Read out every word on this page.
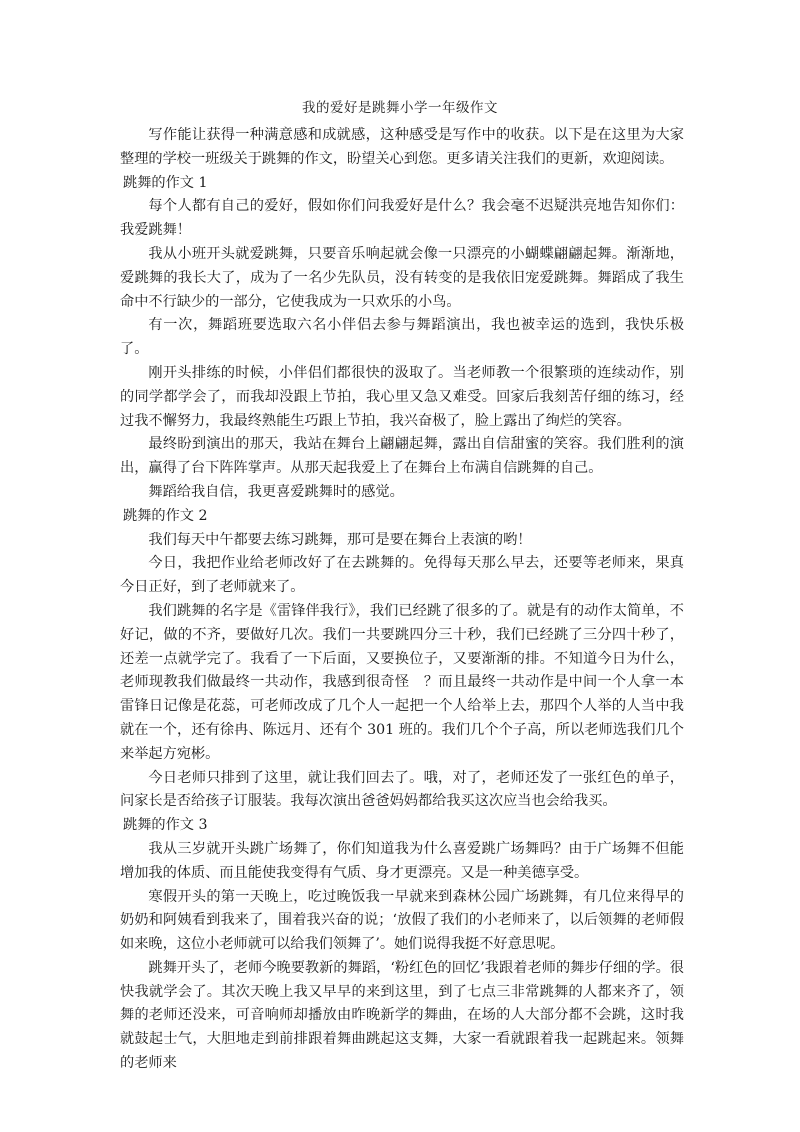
我的爱好是跳舞小学一年级作文

写作能让获得一种满意感和成就感，这种感受是写作中的收获。以下是在这里为大家整理的学校一班级关于跳舞的作文，盼望关心到您。更多请关注我们的更新，欢迎阅读。

跳舞的作文 1

每个人都有自己的爱好，假如你们问我爱好是什么？我会毫不迟疑洪亮地告知你们：我爱跳舞！

我从小班开头就爱跳舞，只要音乐响起就会像一只漂亮的小蝴蝶翩翩起舞。渐渐地，爱跳舞的我长大了，成为了一名少先队员，没有转变的是我依旧宠爱跳舞。舞蹈成了我生命中不行缺少的一部分，它使我成为一只欢乐的小鸟。

有一次，舞蹈班要选取六名小伴侣去参与舞蹈演出，我也被幸运的选到，我快乐极了。

刚开头排练的时候，小伴侣们都很快的汲取了。当老师教一个很繁琐的连续动作，别的同学都学会了，而我却没跟上节拍，我心里又急又难受。回家后我刻苦仔细的练习，经过我不懈努力，我最终熟能生巧跟上节拍，我兴奋极了，脸上露出了绚烂的笑容。

最终盼到演出的那天，我站在舞台上翩翩起舞，露出自信甜蜜的笑容。我们胜利的演出，赢得了台下阵阵掌声。从那天起我爱上了在舞台上布满自信跳舞的自己。

舞蹈给我自信，我更喜爱跳舞时的感觉。

跳舞的作文 2

我们每天中午都要去练习跳舞，那可是要在舞台上表演的哟！

今日，我把作业给老师改好了在去跳舞的。免得每天那么早去，还要等老师来，果真今日正好，到了老师就来了。

我们跳舞的名字是《雷锋伴我行》，我们已经跳了很多的了。就是有的动作太简单，不好记，做的不齐，要做好几次。我们一共要跳四分三十秒，我们已经跳了三分四十秒了，还差一点就学完了。我看了一下后面，又要换位子，又要渐渐的排。不知道今日为什么，老师现教我们做最终一共动作，我感到很奇怪　？而且最终一共动作是中间一个人拿一本雷锋日记像是花蕊，可老师改成了几个人一起把一个人给举上去，那四个人举的人当中我就在一个，还有徐冉、陈远月、还有个 301 班的。我们几个个子高，所以老师选我们几个来举起方宛彬。

今日老师只排到了这里，就让我们回去了。哦，对了，老师还发了一张红色的单子，问家长是否给孩子订服装。我每次演出爸爸妈妈都给我买这次应当也会给我买。

跳舞的作文 3

我从三岁就开头跳广场舞了，你们知道我为什么喜爱跳广场舞吗？由于广场舞不但能增加我的体质、而且能使我变得有气质、身才更漂亮。又是一种美德享受。

寒假开头的第一天晚上，吃过晚饭我一早就来到森林公园广场跳舞，有几位来得早的奶奶和阿姨看到我来了，围着我兴奋的说；‘放假了我们的小老师来了，以后领舞的老师假如来晚，这位小老师就可以给我们领舞了’。她们说得我挺不好意思呢。

跳舞开头了，老师今晚要教新的舞蹈，‘粉红色的回忆’我跟着老师的舞步仔细的学。很快我就学会了。其次天晚上我又早早的来到这里，到了七点三非常跳舞的人都来齐了，领舞的老师还没来，可音响师却播放由昨晚新学的舞曲，在场的人大部分都不会跳，这时我就鼓起士气，大胆地走到前排跟着舞曲跳起这支舞，大家一看就跟着我一起跳起来。领舞的老师来
